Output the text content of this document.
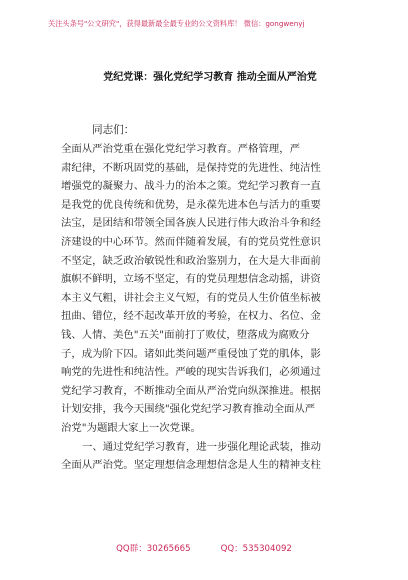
关注头条号"公文研究"，获得最新最全最专业的公文资料库！ 微信：gongwenyj
党纪党课：强化党纪学习教育 推动全面从严治党
同志们：
全面从严治党重在强化党纪学习教育。严格管理，严
肃纪律，不断巩固党的基础，是保持党的先进性、纯洁性
增强党的凝聚力、战斗力的治本之策。党纪学习教育一直
是我党的优良传统和优势，是永葆先进本色与活力的重要
法宝，是团结和带领全国各族人民进行伟大政治斗争和经
济建设的中心环节。然而伴随着发展，有的党员党性意识
不坚定，缺乏政治敏锐性和政治鉴别力，在大是大非面前
旗帜不鲜明，立场不坚定，有的党员理想信念动摇，讲资
本主义气粗，讲社会主义气短，有的党员人生价值坐标被
扭曲、错位，经不起改革开放的考验，在权力、名位、金
钱、人情、美色"五关"面前打了败仗，堕落成为腐败分
子，成为阶下囚。诸如此类问题严重侵蚀了党的肌体，影
响党的先进性和纯洁性。严峻的现实告诉我们，必须通过
党纪学习教育，不断推动全面从严治党向纵深推进。根据
计划安排，我今天围绕"强化党纪学习教育推动全面从严
治党"为题跟大家上一次党课。
一、通过党纪学习教育，进一步强化理论武装，推动
全面从严治党。坚定理想信念理想信念是人生的精神支柱
QQ群：30265665	QQ：535304092
